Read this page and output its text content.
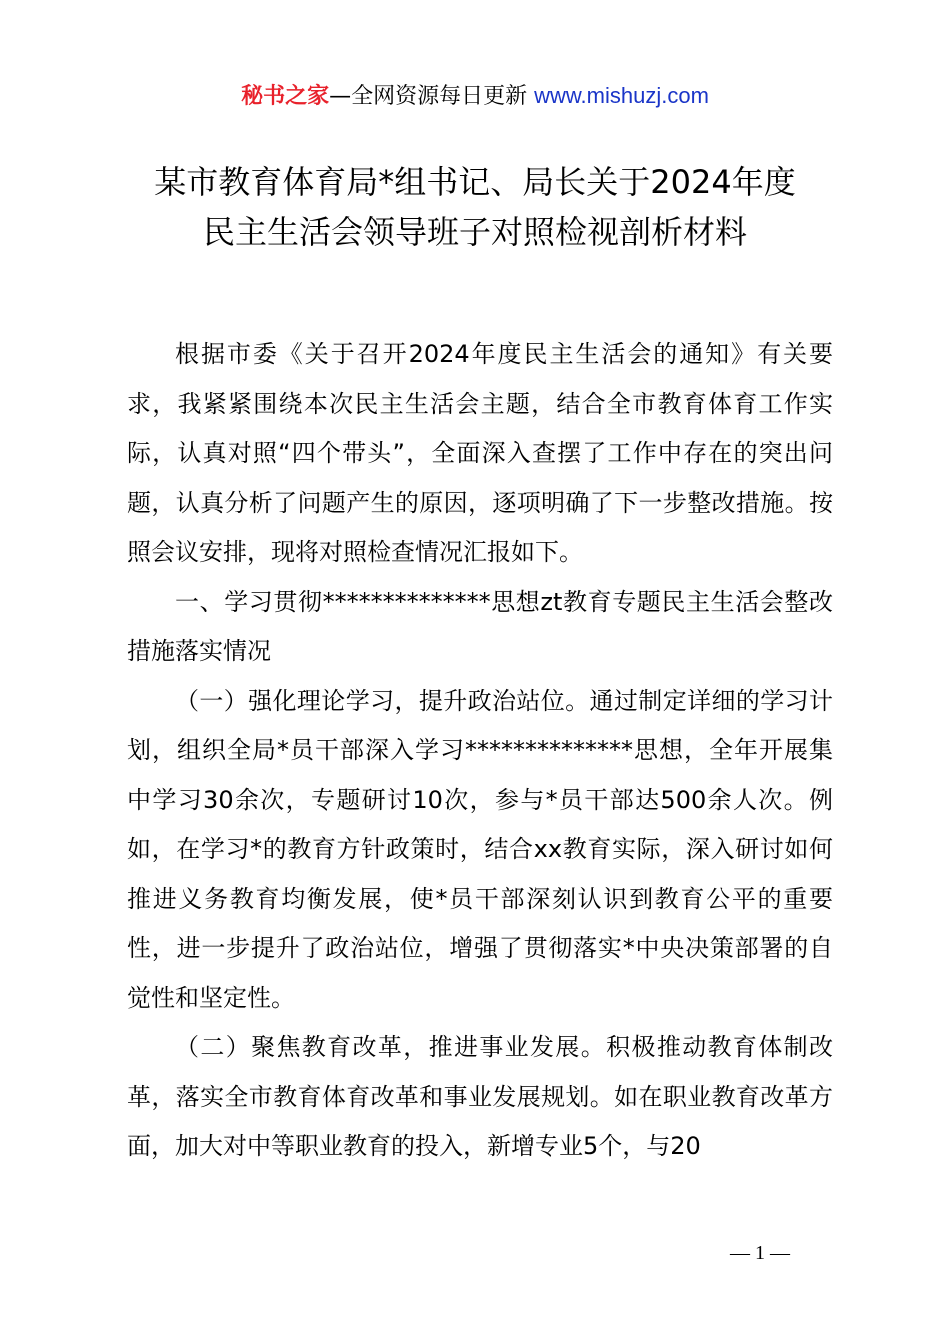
秘书之家—全网资源每日更新 www.mishuzj.com
某市教育体育局*组书记、局长关于2024年度
民主生活会领导班子对照检视剖析材料

根据市委《关于召开2024年度民主生活会的通知》有关要求，我紧紧围绕本次民主生活会主题，结合全市教育体育工作实际，认真对照“四个带头”，全面深入查摆了工作中存在的突出问题，认真分析了问题产生的原因，逐项明确了下一步整改措施。按照会议安排，现将对照检查情况汇报如下。

一、学习贯彻**************思想zt教育专题民主生活会整改措施落实情况

（一）强化理论学习，提升政治站位。通过制定详细的学习计划，组织全局*员干部深入学习**************思想，全年开展集中学习30余次，专题研讨10次，参与*员干部达500余人次。例如，在学习*的教育方针政策时，结合xx教育实际，深入研讨如何推进义务教育均衡发展，使*员干部深刻认识到教育公平的重要性，进一步提升了政治站位，增强了贯彻落实*中央决策部署的自觉性和坚定性。

（二）聚焦教育改革，推进事业发展。积极推动教育体制改革，落实全市教育体育改革和事业发展规划。如在职业教育改革方面，加大对中等职业教育的投入，新增专业5个，与20

— 1 —
